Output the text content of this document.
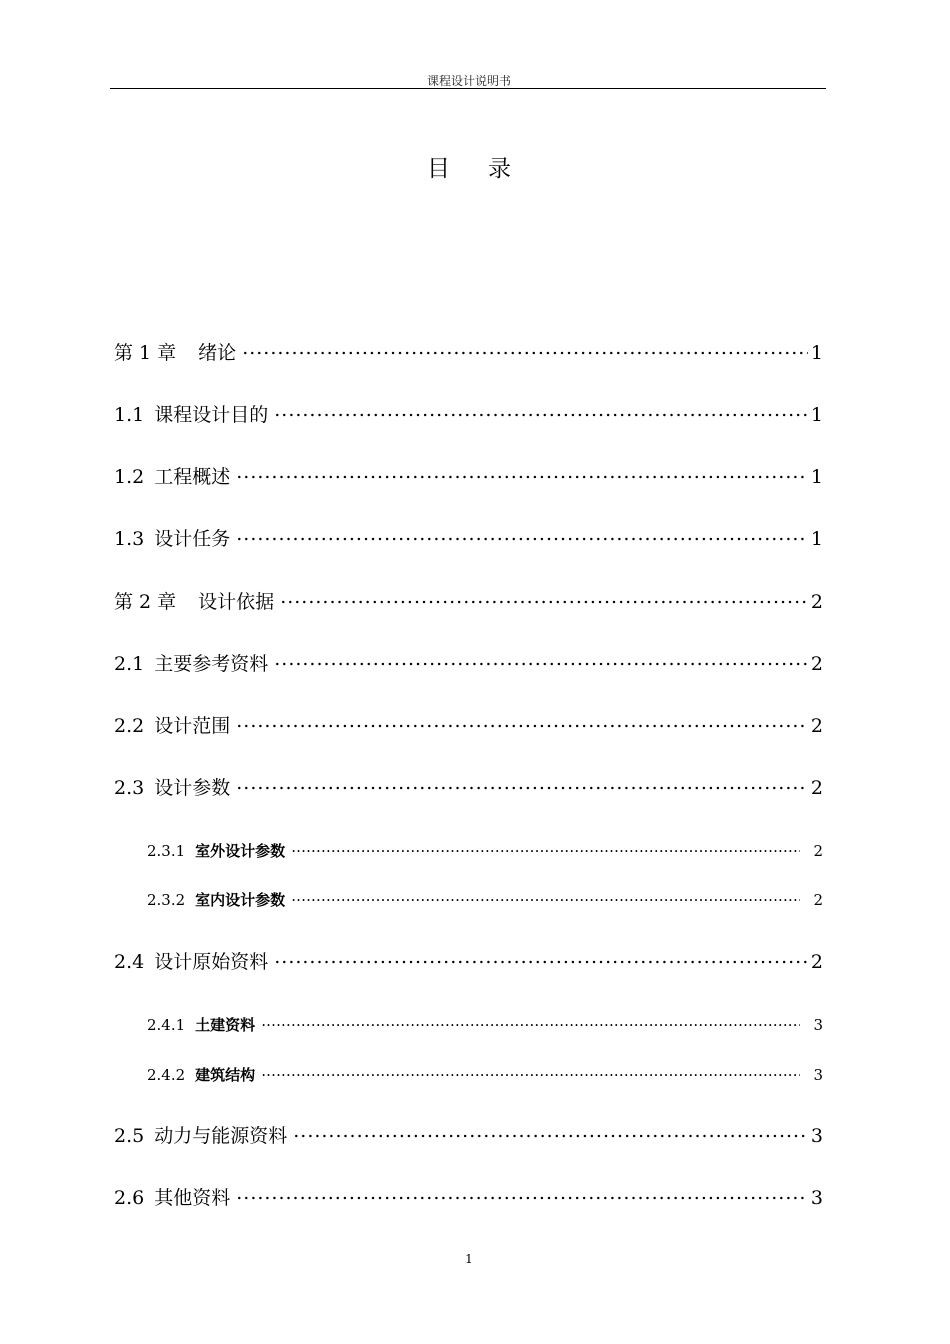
课程设计说明书
目录
第 1 章 绪论 .....	1
1.1 课程设计目的 .....	1
1.2 工程概述 .....	1
1.3 设计任务 .....	1
第 2 章 设计依据 .....	2
2.1 主要参考资料 .....	2
2.2 设计范围 .....	2
2.3 设计参数 .....	2
2.3.1 室外设计参数 .....	2
2.3.2 室内设计参数 .....	2
2.4 设计原始资料 .....	2
2.4.1 土建资料 .....	3
2.4.2 建筑结构 .....	3
2.5 动力与能源资料 .....	3
2.6 其他资料 .....	3
1
